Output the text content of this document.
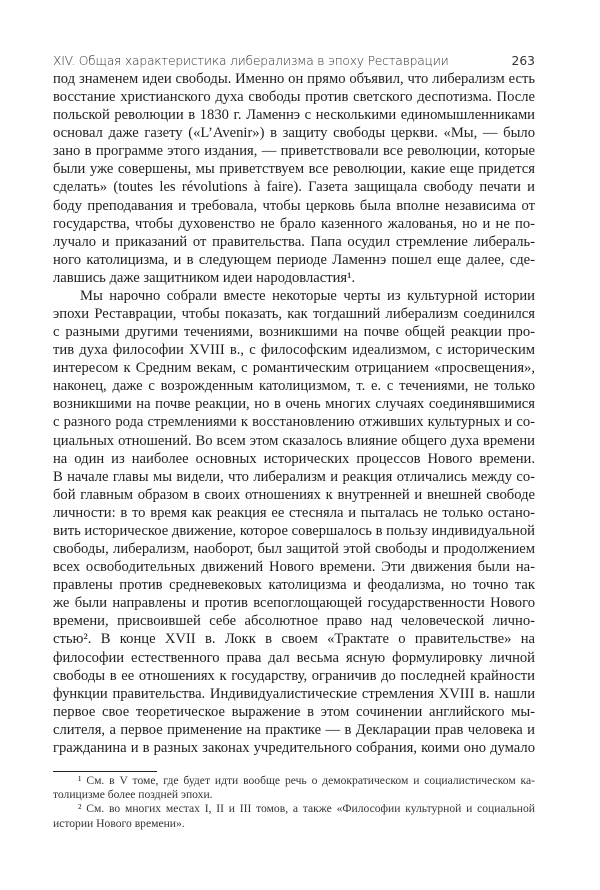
XIV. Общая характеристика либерализма в эпоху Реставрации	263
под знаменем идеи свободы. Именно он прямо объявил, что либерализм есть
восстание христианского духа свободы против светского деспотизма. После
польской революции в 1830 г. Ламеннэ с несколькими единомышленниками
основал даже газету («L’Avenir») в защиту свободы церкви. «Мы, — было
зано в программе этого издания, — приветствовали все революции, которые
были уже совершены, мы приветствуем все революции, какие еще придется
сделать» (toutes les révolutions à faire). Газета защищала свободу печати и
боду преподавания и требовала, чтобы церковь была вполне независима от
государства, чтобы духовенство не брало казенного жалованья, но и не по-
лучало и приказаний от правительства. Папа осудил стремление либераль-
ного католицизма, и в следующем периоде Ламеннэ пошел еще далее, сде-
лавшись даже защитником идеи народовластия¹.
Мы нарочно собрали вместе некоторые черты из культурной истории
эпохи Реставрации, чтобы показать, как тогдашний либерализм соединился
с разными другими течениями, возникшими на почве общей реакции про-
тив духа философии XVIII в., с философским идеализмом, с историческим
интересом к Средним векам, с романтическим отрицанием «просвещения»,
наконец, даже с возрожденным католицизмом, т. е. с течениями, не только
возникшими на почве реакции, но в очень многих случаях соединявшимися
с разного рода стремлениями к восстановлению отживших культурных и со-
циальных отношений. Во всем этом сказалось влияние общего духа времени
на один из наиболее основных исторических процессов Нового времени.
В начале главы мы видели, что либерализм и реакция отличались между со-
бой главным образом в своих отношениях к внутренней и внешней свободе
личности: в то время как реакция ее стесняла и пыталась не только остано-
вить историческое движение, которое совершалось в пользу индивидуальной
свободы, либерализм, наоборот, был защитой этой свободы и продолжением
всех освободительных движений Нового времени. Эти движения были на-
правлены против средневековых католицизма и феодализма, но точно так
же были направлены и против всепоглощающей государственности Нового
времени, присвоившей себе абсолютное право над человеческой лично-
стью². В конце XVII в. Локк в своем «Трактате о правительстве» на
философии естественного права дал весьма ясную формулировку личной
свободы в ее отношениях к государству, ограничив до последней крайности
функции правительства. Индивидуалистические стремления XVIII в. нашли
первое свое теоретическое выражение в этом сочинении английского мы-
слителя, а первое применение на практике — в Декларации прав человека и
гражданина и в разных законах учредительного собрания, коими оно думало
¹ См. в V томе, где будет идти вообще речь о демократическом и социалистическом ка-
толицизме более поздней эпохи.
² См. во многих местах I, II и III томов, а также «Философии культурной и социальной
истории Нового времени».
